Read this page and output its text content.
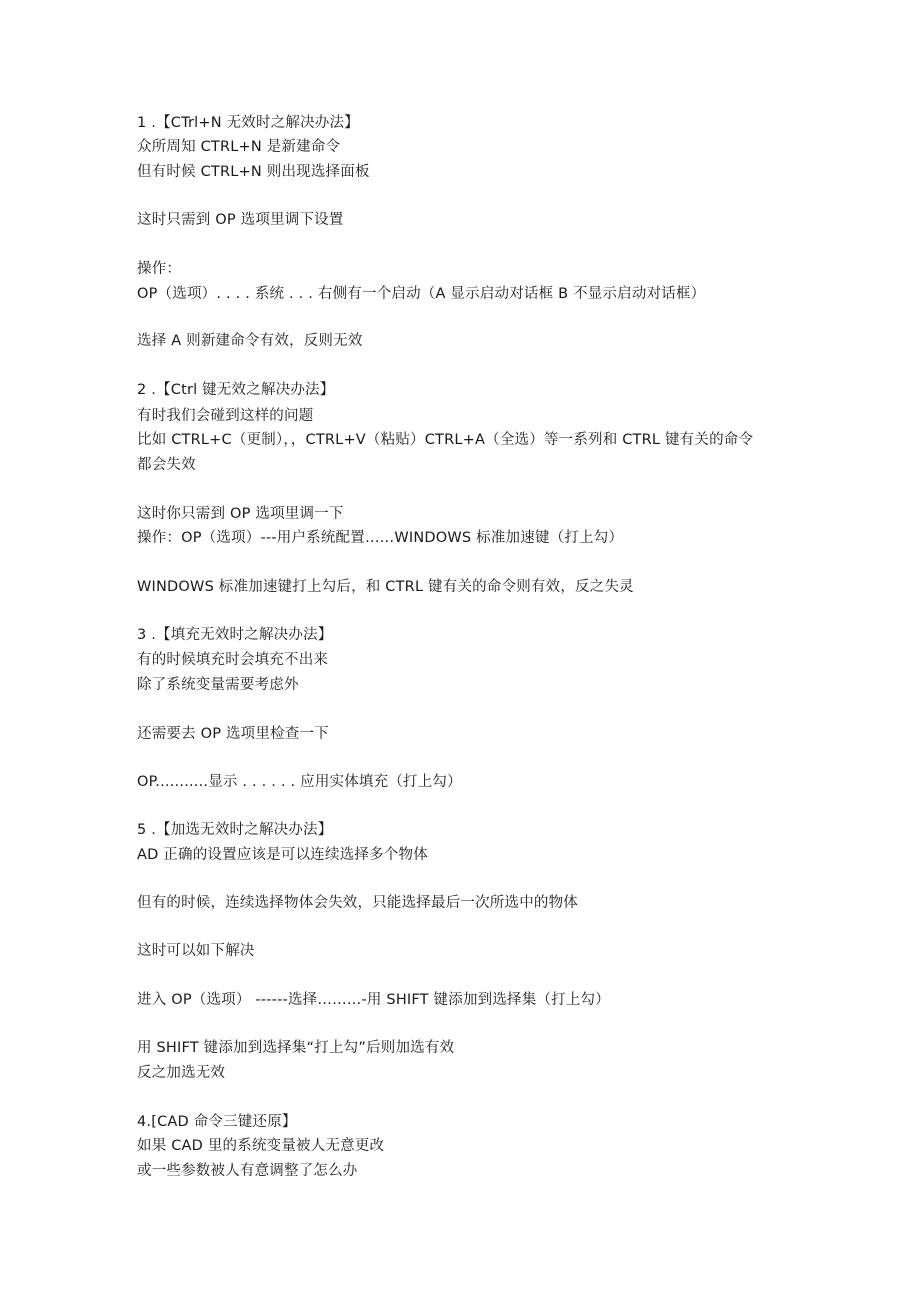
1 .【CTrl+N 无效时之解决办法】
众所周知 CTRL+N 是新建命令
但有时候 CTRL+N 则出现选择面板
这时只需到 OP 选项里调下设置
操作：
OP（选项）. . . . 系统 . . . 右侧有一个启动（A 显示启动对话框 B 不显示启动对话框）
选择 A 则新建命令有效，反则无效
2 .【Ctrl 键无效之解决办法】
有时我们会碰到这样的问题
比如 CTRL+C（更制），，CTRL+V（粘贴）CTRL+A（全选）等一系列和 CTRL 键有关的命令
都会失效
这时你只需到 OP 选项里调一下
操作：OP（选项）---用户系统配置……WINDOWS 标准加速键（打上勾）
WINDOWS 标准加速键打上勾后，和 CTRL 键有关的命令则有效，反之失灵
3 .【填充无效时之解决办法】
有的时候填充时会填充不出来
除了系统变量需要考虑外
还需要去 OP 选项里检查一下
OP...........显示 . . . . . . 应用实体填充（打上勾）
5 .【加选无效时之解决办法】
AD 正确的设置应该是可以连续选择多个物体
但有的时候，连续选择物体会失效，只能选择最后一次所选中的物体
这时可以如下解决
进入 OP（选项） ------选择………-用 SHIFT 键添加到选择集（打上勾）
用 SHIFT 键添加到选择集“打上勾”后则加选有效
反之加选无效
4.[CAD 命令三键还原】
如果 CAD 里的系统变量被人无意更改
或一些参数被人有意调整了怎么办
